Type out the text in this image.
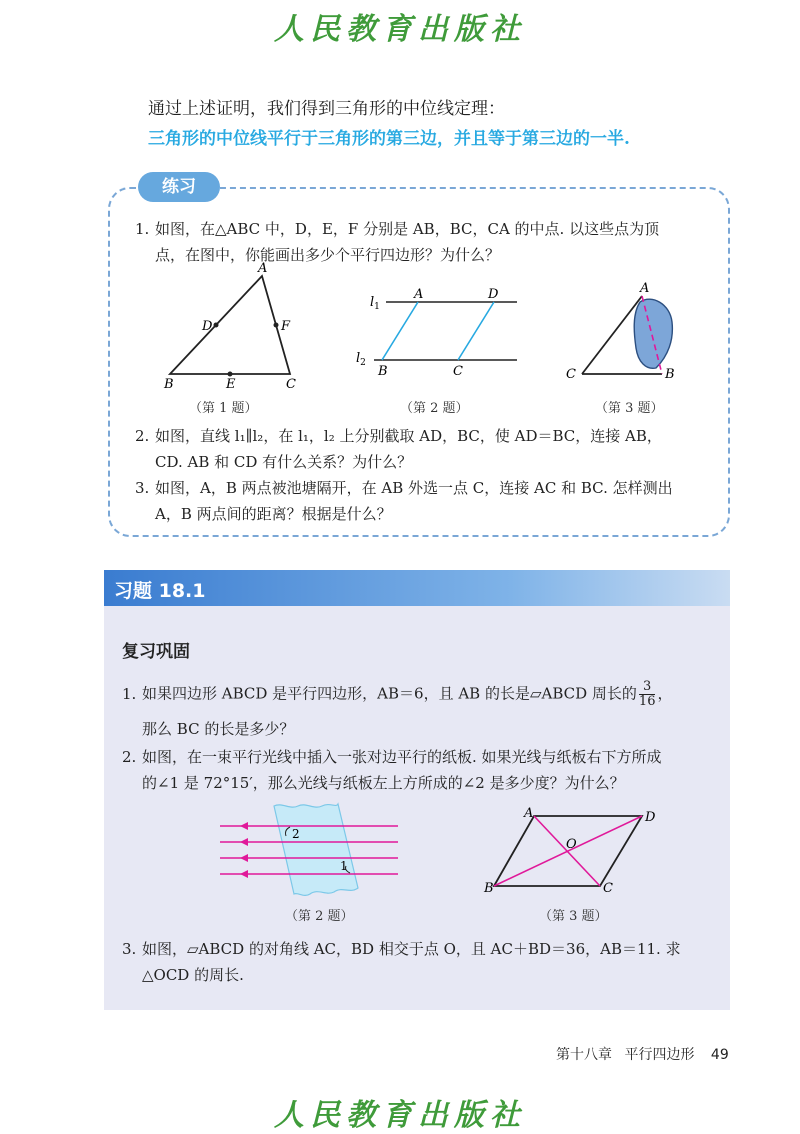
人民教育出版社
通过上述证明，我们得到三角形的中位线定理：
三角形的中位线平行于三角形的第三边，并且等于第三边的一半.
练习
1. 如图，在△ABC 中，D，E，F 分别是 AB，BC，CA 的中点. 以这些点为顶
点，在图中，你能画出多少个平行四边形？为什么？
A
B	C
D
E
F
（第 1 题）
$l_1$
$l_2$
A	D
B	C
（第 2 题）
A
C	B
（第 3 题）
2. 如图，直线 l₁∥l₂，在 l₁，l₂ 上分别截取 AD，BC，使 AD＝BC，连接 AB，
CD. AB 和 CD 有什么关系？为什么？
3. 如图，A，B 两点被池塘隔开，在 AB 外选一点 C，连接 AC 和 BC. 怎样测出
A，B 两点间的距离？根据是什么？
习题 18.1
复习巩固
1. 如果四边形 ABCD 是平行四边形，AB＝6，且 AB 的长是▱ABCD 周长的 $\frac{3}{16}$ ，
那么 BC 的长是多少？
2. 如图，在一束平行光线中插入一张对边平行的纸板. 如果光线与纸板右下方所成
的∠1 是 72°15′，那么光线与纸板左上方所成的∠2 是多少度？为什么？
2
1
（第 2 题）
A	D
B	C
O
（第 3 题）
3. 如图，▱ABCD 的对角线 AC，BD 相交于点 O，且 AC＋BD＝36，AB＝11. 求
△OCD 的周长.
第十八章 平行四边形 49
人民教育出版社
